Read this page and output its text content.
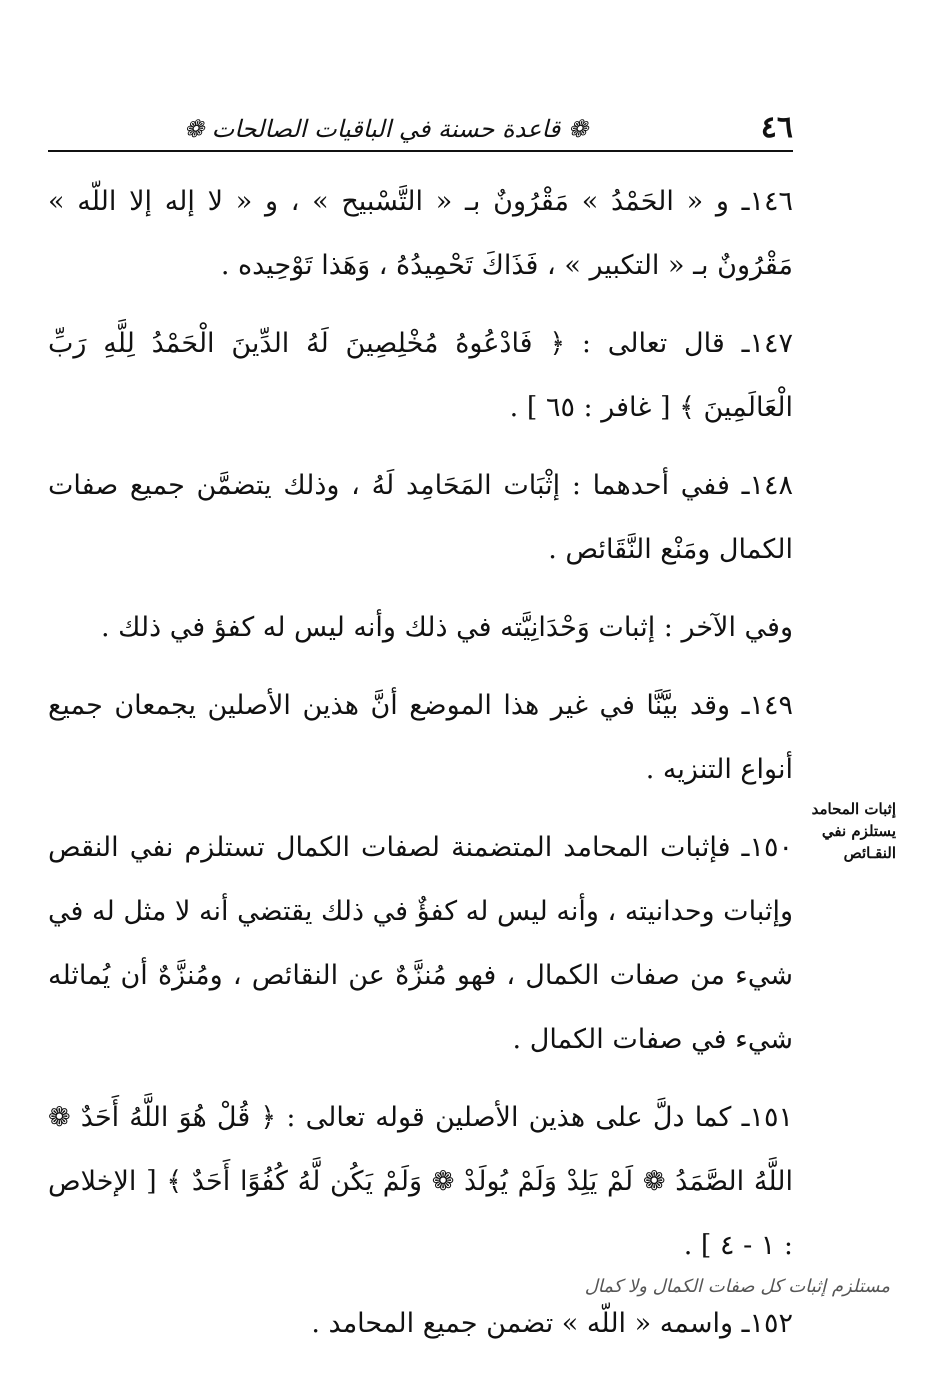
٤٦
❁ قاعدة حسنة في الباقيات الصالحات ❁

١٤٦ـ و « الحَمْدُ » مَقْرُونٌ بـ « التَّسْبيح » ، و « لا إله إلا اللّه » مَقْرُونٌ بـ « التكبير » ، فَذَاكَ تَحْمِيدُهُ ، وَهَذا تَوْحِيده .

١٤٧ـ قال تعالى : ﴿ فَادْعُوهُ مُخْلِصِينَ لَهُ الدِّينَ الْحَمْدُ لِلَّهِ رَبِّ الْعَالَمِينَ ﴾ [ غافر : ٦٥ ] .

١٤٨ـ ففي أحدهما : إثْبَات المَحَامِد لَهُ ، وذلك يتضمَّن جميع صفات الكمال ومَنْع النَّقَائص .

وفي الآخر : إثبات وَحْدَانِيَّته في ذلك وأنه ليس له كفؤ في ذلك .

١٤٩ـ وقد بيَّنَّا في غير هذا الموضع أنَّ هذين الأصلين يجمعان جميع أنواع التنزيه .

١٥٠ـ فإثبات المحامد المتضمنة لصفات الكمال تستلزم نفي النقص وإثبات وحدانيته ، وأنه ليس له كفؤٌ في ذلك يقتضي أنه لا مثل له في شيء من صفات الكمال ، فهو مُنزَّهٌ عن النقائص ، ومُنزَّهٌ أن يُماثله شيء في صفات الكمال .

١٥١ـ كما دلَّ على هذين الأصلين قوله تعالى : ﴿ قُلْ هُوَ اللَّهُ أَحَدٌ ❁ اللَّهُ الصَّمَدُ ❁ لَمْ يَلِدْ وَلَمْ يُولَدْ ❁ وَلَمْ يَكُن لَّهُ كُفُوًا أَحَدٌ ﴾ [ الإخلاص : ١ - ٤ ] .

١٥٢ـ واسمه « اللّه » تضمن جميع المحامد .

إثبات المحامد يستلزم نفي النقـائص
مستلزم إثبات كل صفات الكمال ولا كمال
